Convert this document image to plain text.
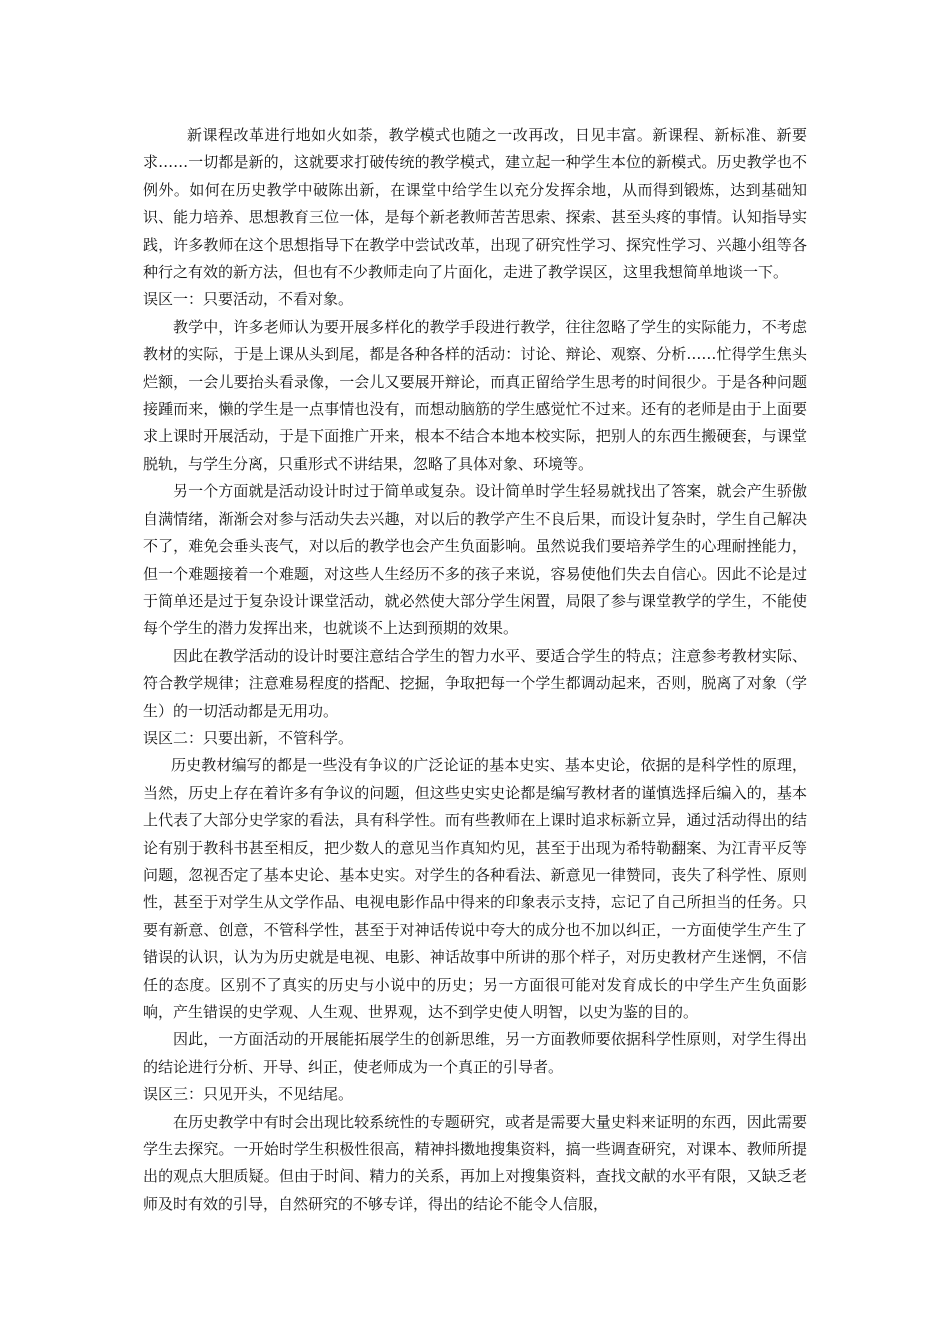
新课程改革进行地如火如荼，教学模式也随之一改再改，日见丰富。新课程、新标准、新要求……一切都是新的，这就要求打破传统的教学模式，建立起一种学生本位的新模式。历史教学也不例外。如何在历史教学中破陈出新，在课堂中给学生以充分发挥余地，从而得到锻炼，达到基础知识、能力培养、思想教育三位一体，是每个新老教师苦苦思索、探索、甚至头疼的事情。认知指导实践，许多教师在这个思想指导下在教学中尝试改革，出现了研究性学习、探究性学习、兴趣小组等各种行之有效的新方法，但也有不少教师走向了片面化，走进了教学误区，这里我想简单地谈一下。

误区一：只要活动，不看对象。

教学中，许多老师认为要开展多样化的教学手段进行教学，往往忽略了学生的实际能力，不考虑教材的实际，于是上课从头到尾，都是各种各样的活动：讨论、辩论、观察、分析……忙得学生焦头烂额，一会儿要抬头看录像，一会儿又要展开辩论，而真正留给学生思考的时间很少。于是各种问题接踵而来，懒的学生是一点事情也没有，而想动脑筋的学生感觉忙不过来。还有的老师是由于上面要求上课时开展活动，于是下面推广开来，根本不结合本地本校实际，把别人的东西生搬硬套，与课堂脱轨，与学生分离，只重形式不讲结果，忽略了具体对象、环境等。

另一个方面就是活动设计时过于简单或复杂。设计简单时学生轻易就找出了答案，就会产生骄傲自满情绪，渐渐会对参与活动失去兴趣，对以后的教学产生不良后果，而设计复杂时，学生自己解决不了，难免会垂头丧气，对以后的教学也会产生负面影响。虽然说我们要培养学生的心理耐挫能力，但一个难题接着一个难题，对这些人生经历不多的孩子来说，容易使他们失去自信心。因此不论是过于简单还是过于复杂设计课堂活动，就必然使大部分学生闲置，局限了参与课堂教学的学生，不能使每个学生的潜力发挥出来，也就谈不上达到预期的效果。

因此在教学活动的设计时要注意结合学生的智力水平、要适合学生的特点；注意参考教材实际、符合教学规律；注意难易程度的搭配、挖掘，争取把每一个学生都调动起来，否则，脱离了对象（学生）的一切活动都是无用功。

误区二：只要出新，不管科学。

历史教材编写的都是一些没有争议的广泛论证的基本史实、基本史论，依据的是科学性的原理，当然，历史上存在着许多有争议的问题，但这些史实史论都是编写教材者的谨慎选择后编入的，基本上代表了大部分史学家的看法，具有科学性。而有些教师在上课时追求标新立异，通过活动得出的结论有别于教科书甚至相反，把少数人的意见当作真知灼见，甚至于出现为希特勒翻案、为江青平反等问题，忽视否定了基本史论、基本史实。对学生的各种看法、新意见一律赞同，丧失了科学性、原则性，甚至于对学生从文学作品、电视电影作品中得来的印象表示支持，忘记了自己所担当的任务。只要有新意、创意，不管科学性，甚至于对神话传说中夸大的成分也不加以纠正，一方面使学生产生了错误的认识，认为为历史就是电视、电影、神话故事中所讲的那个样子，对历史教材产生迷惘，不信任的态度。区别不了真实的历史与小说中的历史；另一方面很可能对发育成长的中学生产生负面影响，产生错误的史学观、人生观、世界观，达不到学史使人明智，以史为鉴的目的。

因此，一方面活动的开展能拓展学生的创新思维，另一方面教师要依据科学性原则，对学生得出的结论进行分析、开导、纠正，使老师成为一个真正的引导者。

误区三：只见开头，不见结尾。

在历史教学中有时会出现比较系统性的专题研究，或者是需要大量史料来证明的东西，因此需要学生去探究。一开始时学生积极性很高，精神抖擞地搜集资料，搞一些调查研究，对课本、教师所提出的观点大胆质疑。但由于时间、精力的关系，再加上对搜集资料，查找文献的水平有限，又缺乏老师及时有效的引导，自然研究的不够专详，得出的结论不能令人信服，
